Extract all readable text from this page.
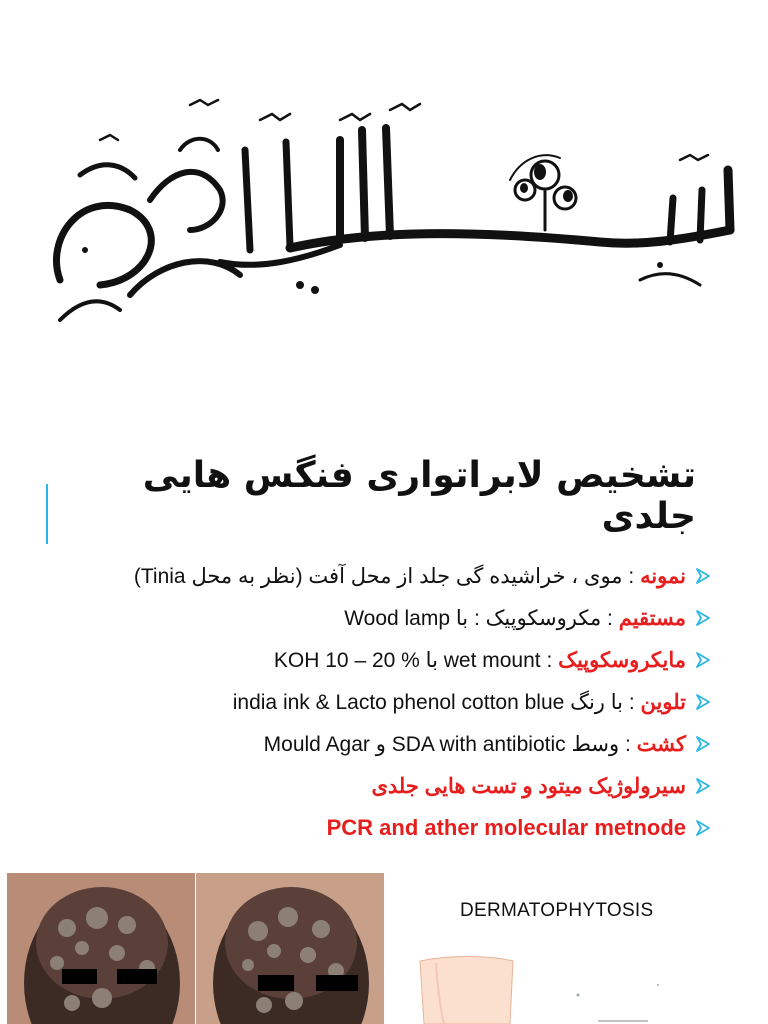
تشخیص لابراتواری فنگس هایی جلدی
نمونه : موی ، خراشیده گی جلد از محل آفت (نظر به محل Tinia)
مستقیم : مکروسکوپیک : با Wood lamp
مایکروسکوپیک : wet mount با % 20 – KOH 10
تلوین : با رنگ india ink & Lacto phenol cotton blue
کشت : وسط SDA with antibiotic و Mould Agar
سیرولوژیک میتود و تست هایی جلدی
PCR and ather molecular metnode
DERMATOPHYTOSIS
